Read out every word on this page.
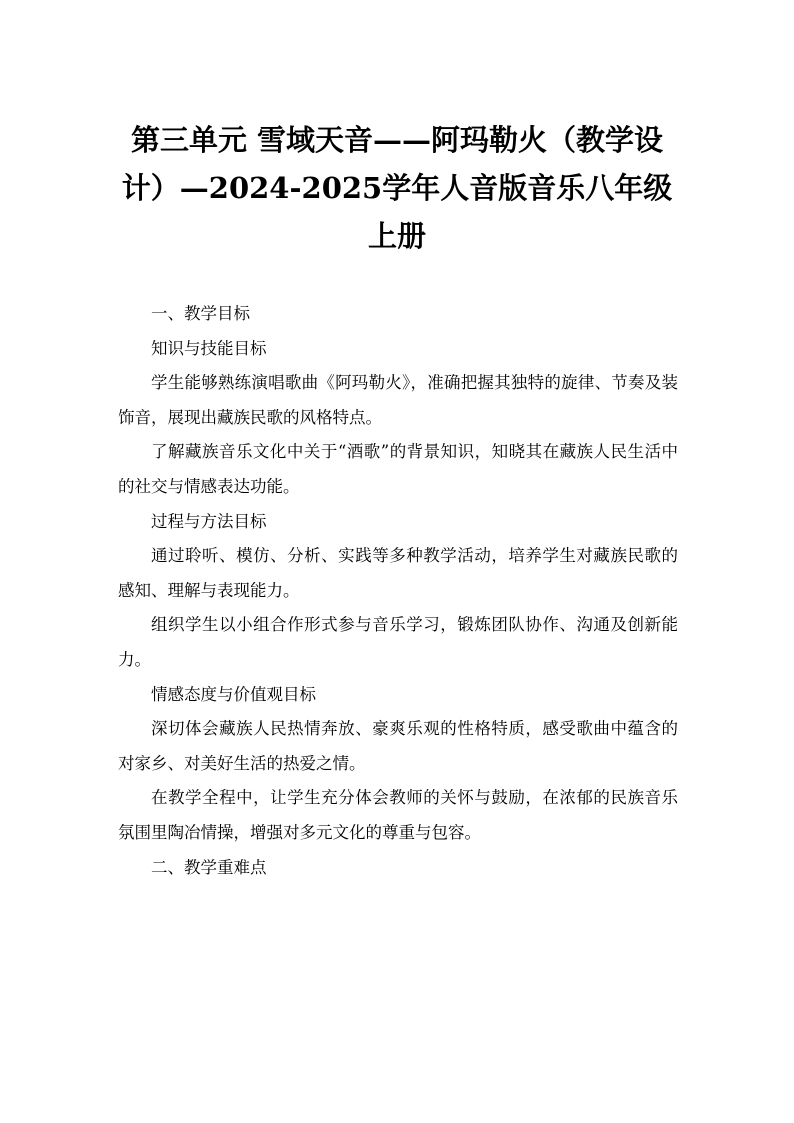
第三单元 雪域天音——阿玛勒火（教学设计）—2024-2025学年人音版音乐八年级上册

一、教学目标

知识与技能目标

学生能够熟练演唱歌曲《阿玛勒火》，准确把握其独特的旋律、节奏及装饰音，展现出藏族民歌的风格特点。

了解藏族音乐文化中关于“酒歌”的背景知识，知晓其在藏族人民生活中的社交与情感表达功能。

过程与方法目标

通过聆听、模仿、分析、实践等多种教学活动，培养学生对藏族民歌的感知、理解与表现能力。

组织学生以小组合作形式参与音乐学习，锻炼团队协作、沟通及创新能力。

情感态度与价值观目标

深切体会藏族人民热情奔放、豪爽乐观的性格特质，感受歌曲中蕴含的对家乡、对美好生活的热爱之情。

在教学全程中，让学生充分体会教师的关怀与鼓励，在浓郁的民族音乐氛围里陶冶情操，增强对多元文化的尊重与包容。

二、教学重难点
